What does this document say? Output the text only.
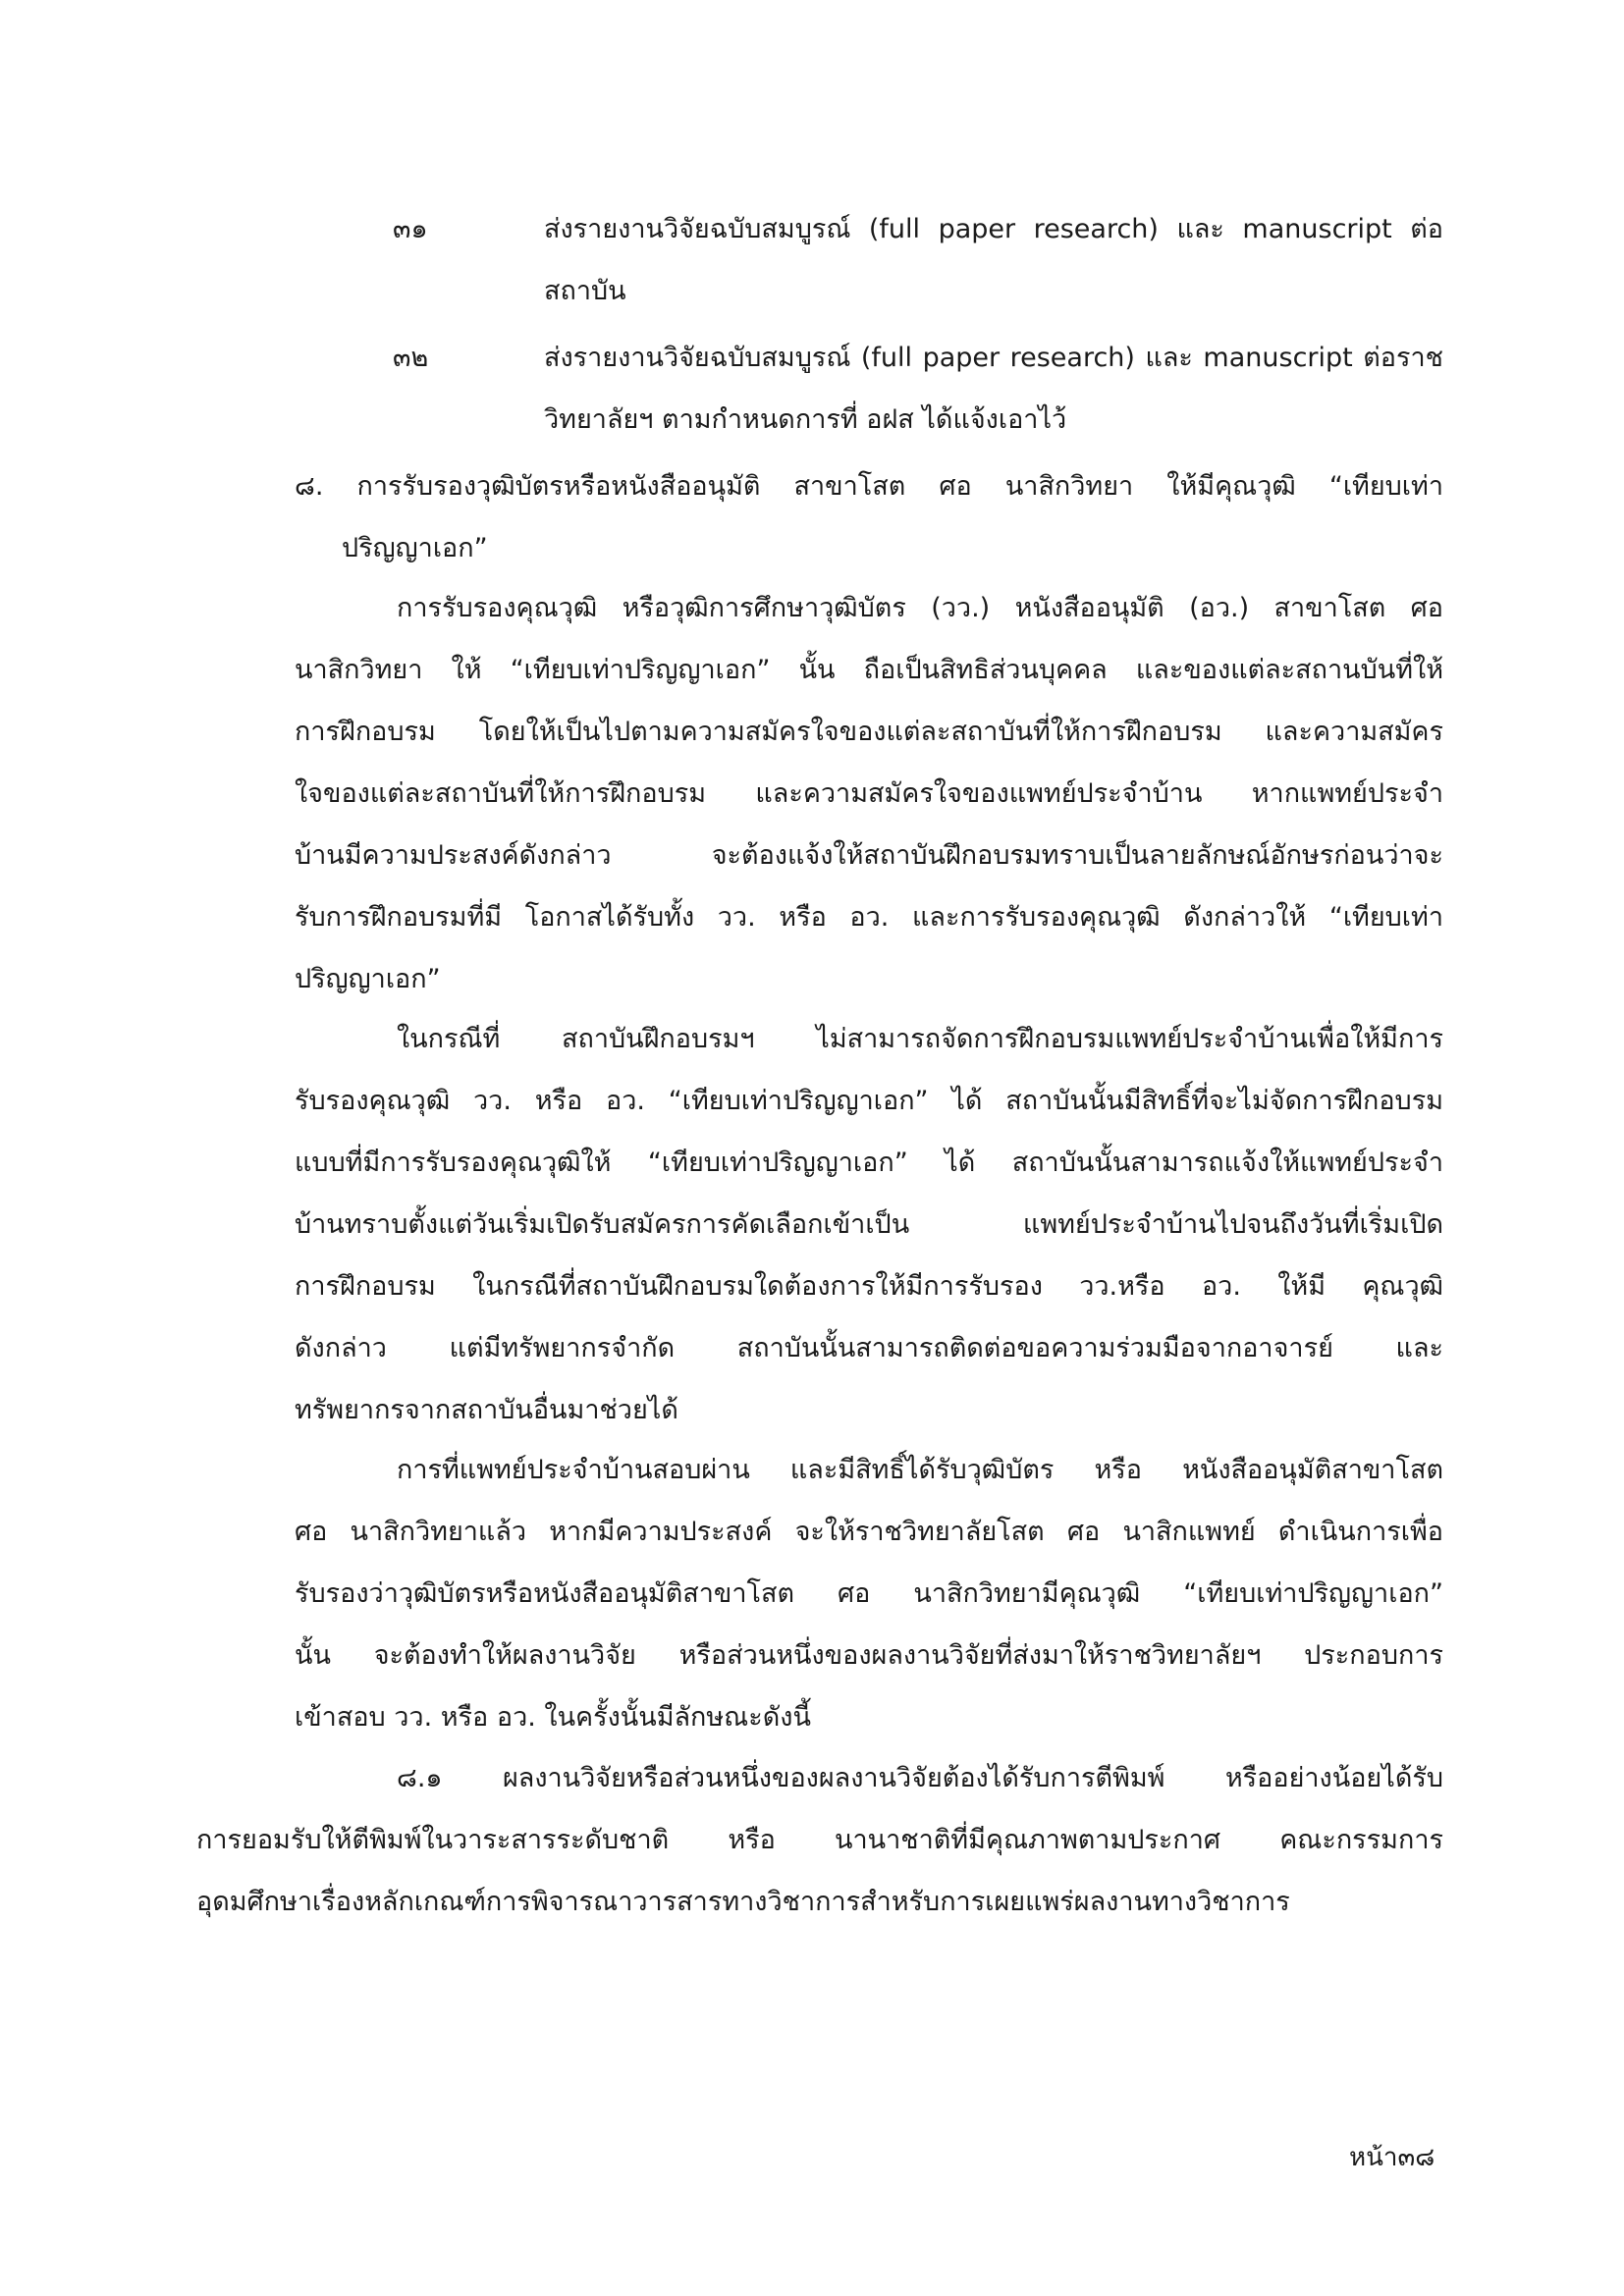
๓๑	ส่งรายงานวิจัยฉบับสมบูรณ์ (full paper research) และ manuscript ต่อ
สถาบัน
๓๒	ส่งรายงานวิจัยฉบับสมบูรณ์ (full paper research) และ manuscript ต่อราช
วิทยาลัยฯ ตามกำหนดการที่ อฝส ได้แจ้งเอาไว้
๘. การรับรองวุฒิบัตรหรือหนังสืออนุมัติ สาขาโสต ศอ นาสิกวิทยา ให้มีคุณวุฒิ “เทียบเท่า
ปริญญาเอก”
การรับรองคุณวุฒิ หรือวุฒิการศึกษาวุฒิบัตร (วว.) หนังสืออนุมัติ (อว.) สาขาโสต ศอ
นาสิกวิทยา ให้ “เทียบเท่าปริญญาเอก” นั้น ถือเป็นสิทธิส่วนบุคคล และของแต่ละสถานบันที่ให้
การฝึกอบรม โดยให้เป็นไปตามความสมัครใจของแต่ละสถาบันที่ให้การฝึกอบรม และความสมัคร
ใจของแต่ละสถาบันที่ให้การฝึกอบรม และความสมัครใจของแพทย์ประจำบ้าน หากแพทย์ประจำ
บ้านมีความประสงค์ดังกล่าว จะต้องแจ้งให้สถาบันฝึกอบรมทราบเป็นลายลักษณ์อักษรก่อนว่าจะ
รับการฝึกอบรมที่มี โอกาสได้รับทั้ง วว. หรือ อว. และการรับรองคุณวุฒิ ดังกล่าวให้ “เทียบเท่า
ปริญญาเอก”
ในกรณีที่ สถาบันฝึกอบรมฯ ไม่สามารถจัดการฝึกอบรมแพทย์ประจำบ้านเพื่อให้มีการ
รับรองคุณวุฒิ วว. หรือ อว. “เทียบเท่าปริญญาเอก” ได้ สถาบันนั้นมีสิทธิ์ที่จะไม่จัดการฝึกอบรม
แบบที่มีการรับรองคุณวุฒิให้ “เทียบเท่าปริญญาเอก” ได้ สถาบันนั้นสามารถแจ้งให้แพทย์ประจำ
บ้านทราบตั้งแต่วันเริ่มเปิดรับสมัครการคัดเลือกเข้าเป็น แพทย์ประจำบ้านไปจนถึงวันที่เริ่มเปิด
การฝึกอบรม ในกรณีที่สถาบันฝึกอบรมใดต้องการให้มีการรับรอง วว.หรือ อว. ให้มี คุณวุฒิ
ดังกล่าว แต่มีทรัพยากรจำกัด สถาบันนั้นสามารถติดต่อขอความร่วมมือจากอาจารย์ และ
ทรัพยากรจากสถาบันอื่นมาช่วยได้
การที่แพทย์ประจำบ้านสอบผ่าน และมีสิทธิ์ได้รับวุฒิบัตร หรือ หนังสืออนุมัติสาขาโสต
ศอ นาสิกวิทยาแล้ว หากมีความประสงค์ จะให้ราชวิทยาลัยโสต ศอ นาสิกแพทย์ ดำเนินการเพื่อ
รับรองว่าวุฒิบัตรหรือหนังสืออนุมัติสาขาโสต ศอ นาสิกวิทยามีคุณวุฒิ “เทียบเท่าปริญญาเอก”
นั้น จะต้องทำให้ผลงานวิจัย หรือส่วนหนึ่งของผลงานวิจัยที่ส่งมาให้ราชวิทยาลัยฯ ประกอบการ
เข้าสอบ วว. หรือ อว. ในครั้งนั้นมีลักษณะดังนี้
๘.๑ ผลงานวิจัยหรือส่วนหนึ่งของผลงานวิจัยต้องได้รับการตีพิมพ์ หรืออย่างน้อยได้รับ
การยอมรับให้ตีพิมพ์ในวาระสารระดับชาติ หรือ นานาชาติที่มีคุณภาพตามประกาศ คณะกรรมการ
อุดมศึกษาเรื่องหลักเกณฑ์การพิจารณาวารสารทางวิชาการสำหรับการเผยแพร่ผลงานทางวิชาการ
หน้า๓๘
